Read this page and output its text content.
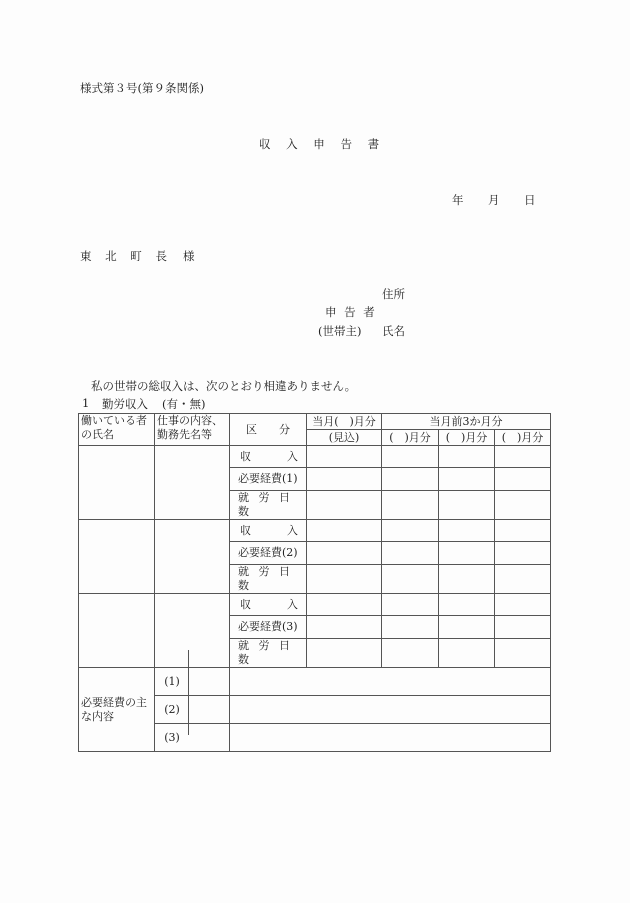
様式第３号(第９条関係)
収 入 申 告 書
年 月 日
東 北 町 長 様
住所
申 告 者
(世帯主) 氏名
私の世帯の総収入は、次のとおり相違ありません。
1 勤労収入 (有・無)
働いている者の氏名	仕事の内容、勤務先名等	区　　分	当月(　)月分	当月前3か月分		
			(見込)	(　)月分	(　)月分	(　)月分

		収 入				

		必要経費(1)				
		就 労 日 数				

		収 入				

		必要経費(2)				
		就 労 日 数				

		収 入				

		必要経費(3)				
		就 労 日 数				
必要経費の主な内容	(1)					
	(2)					
	(3)					
